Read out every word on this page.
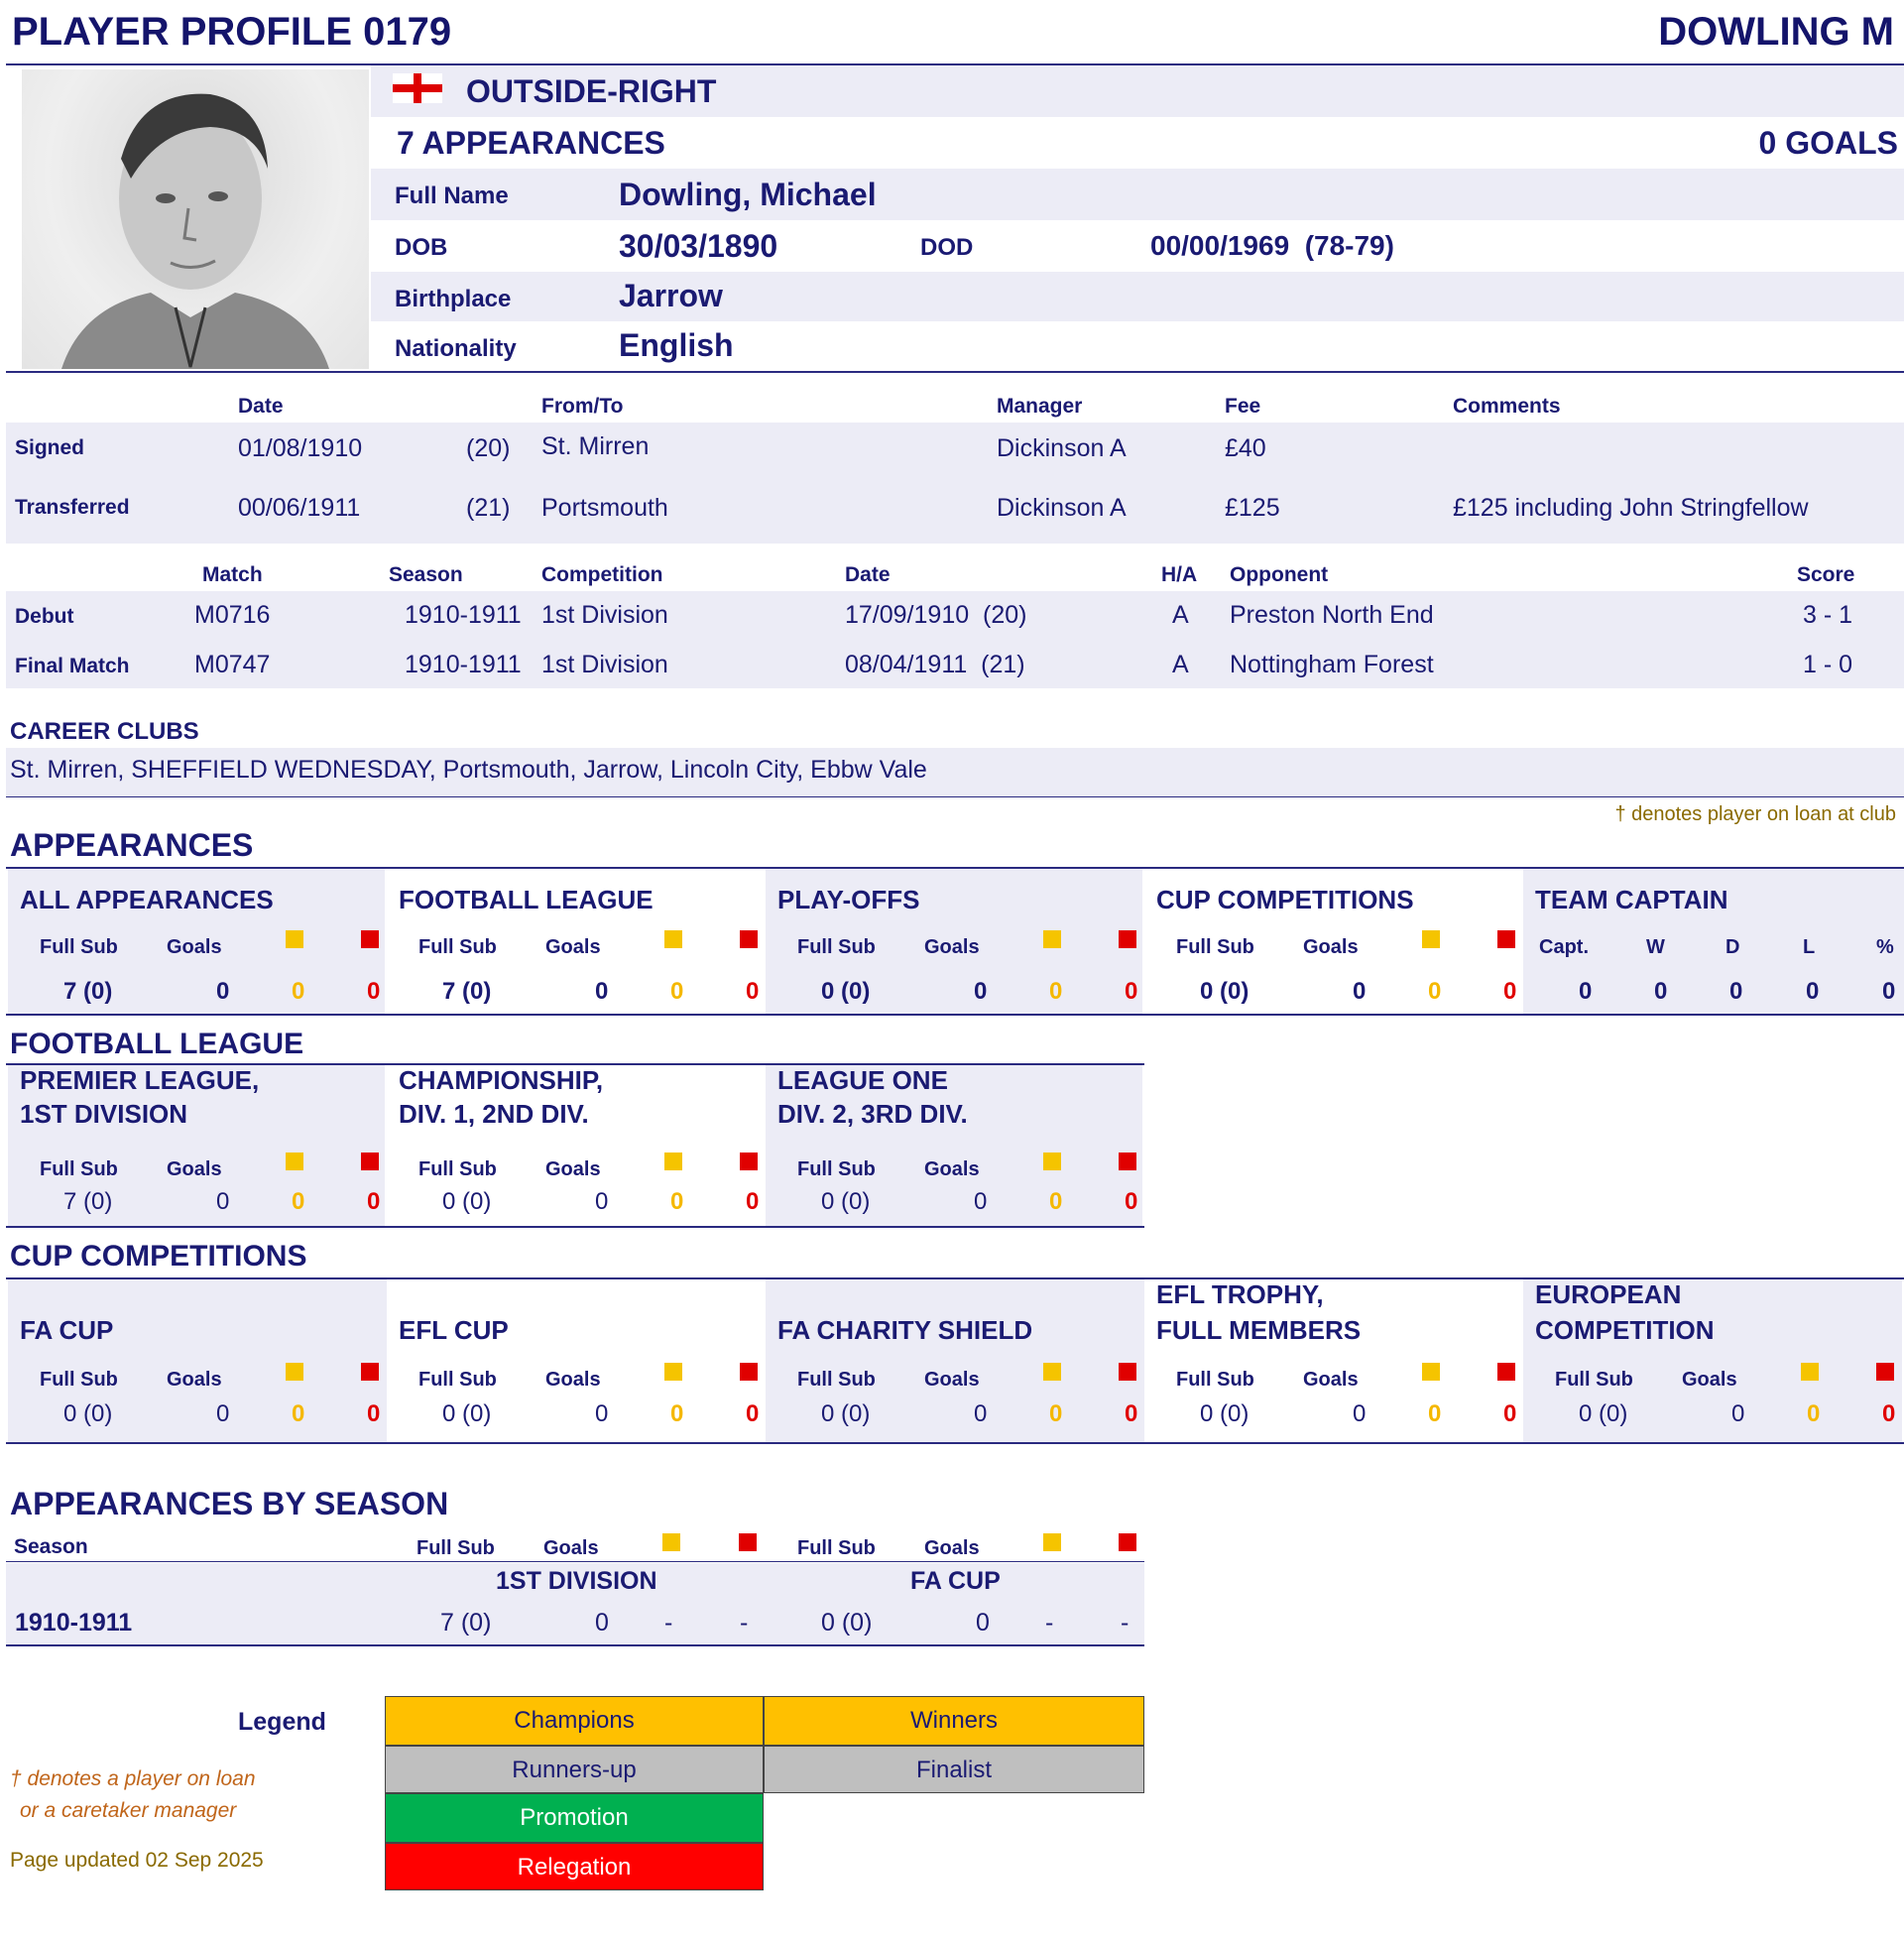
PLAYER PROFILE 0179	DOWLING M
OUTSIDE-RIGHT
7 APPEARANCES	0 GOALS
Full Name	Dowling, Michael
DOB	30/03/1890	DOD	00/00/1969  (78-79)
Birthplace	Jarrow
Nationality	English
Date	From/To	Manager	Fee	Comments
Signed	01/08/1910	(20) St. Mirren	Dickinson A	£40
Transferred	00/06/1911	(21) Portsmouth	Dickinson A	£125	£125 including John Stringfellow
Match	Season	Competition	Date	H/A Opponent	Score
Debut	M0716	1910-1911 1st Division	17/09/1910  (20)	A Preston North End	3 - 1
Final Match	M0747	1910-1911 1st Division	08/04/1911  (21)	A Nottingham Forest	1 - 0
CAREER CLUBS
St. Mirren, SHEFFIELD WEDNESDAY, Portsmouth, Jarrow, Lincoln City, Ebbw Vale
† denotes player on loan at club
APPEARANCES
ALL APPEARANCES
Full Sub Goals
7 (0)	0	0	0
FOOTBALL LEAGUE
Full Sub Goals
7 (0)	0	0	0
PLAY-OFFS
Full Sub Goals
0 (0)	0	0	0
CUP COMPETITIONS
Full Sub Goals
0 (0)	0	0	0
TEAM CAPTAIN
Capt.	W	D	L	%
0	0	0	0	0
FOOTBALL LEAGUE
PREMIER LEAGUE,
1ST DIVISION
Full Sub Goals
7 (0)	0	0	0
CHAMPIONSHIP,
DIV. 1, 2ND DIV.
Full Sub Goals
0 (0)	0	0	0
LEAGUE ONE
DIV. 2, 3RD DIV.
Full Sub Goals
0 (0)	0	0	0
CUP COMPETITIONS
FA CUP
Full Sub Goals
0 (0)	0	0	0
EFL CUP
Full Sub Goals
0 (0)	0	0	0
FA CHARITY SHIELD
Full Sub Goals
0 (0)	0	0	0
EFL TROPHY,
FULL MEMBERS
Full Sub Goals
0 (0)	0	0	0
EUROPEAN
COMPETITION
Full Sub Goals
0 (0)	0	0	0
APPEARANCES BY SEASON
Season	Full Sub Goals	Full Sub Goals
1ST DIVISION	FA CUP
1910-1911	7 (0)	0 -	-	0 (0)	0 -	-
Legend	Champions	Winners
Runners-up	Finalist
Promotion
Relegation
† denotes a player on loan
or a caretaker manager
Page updated 02 Sep 2025
